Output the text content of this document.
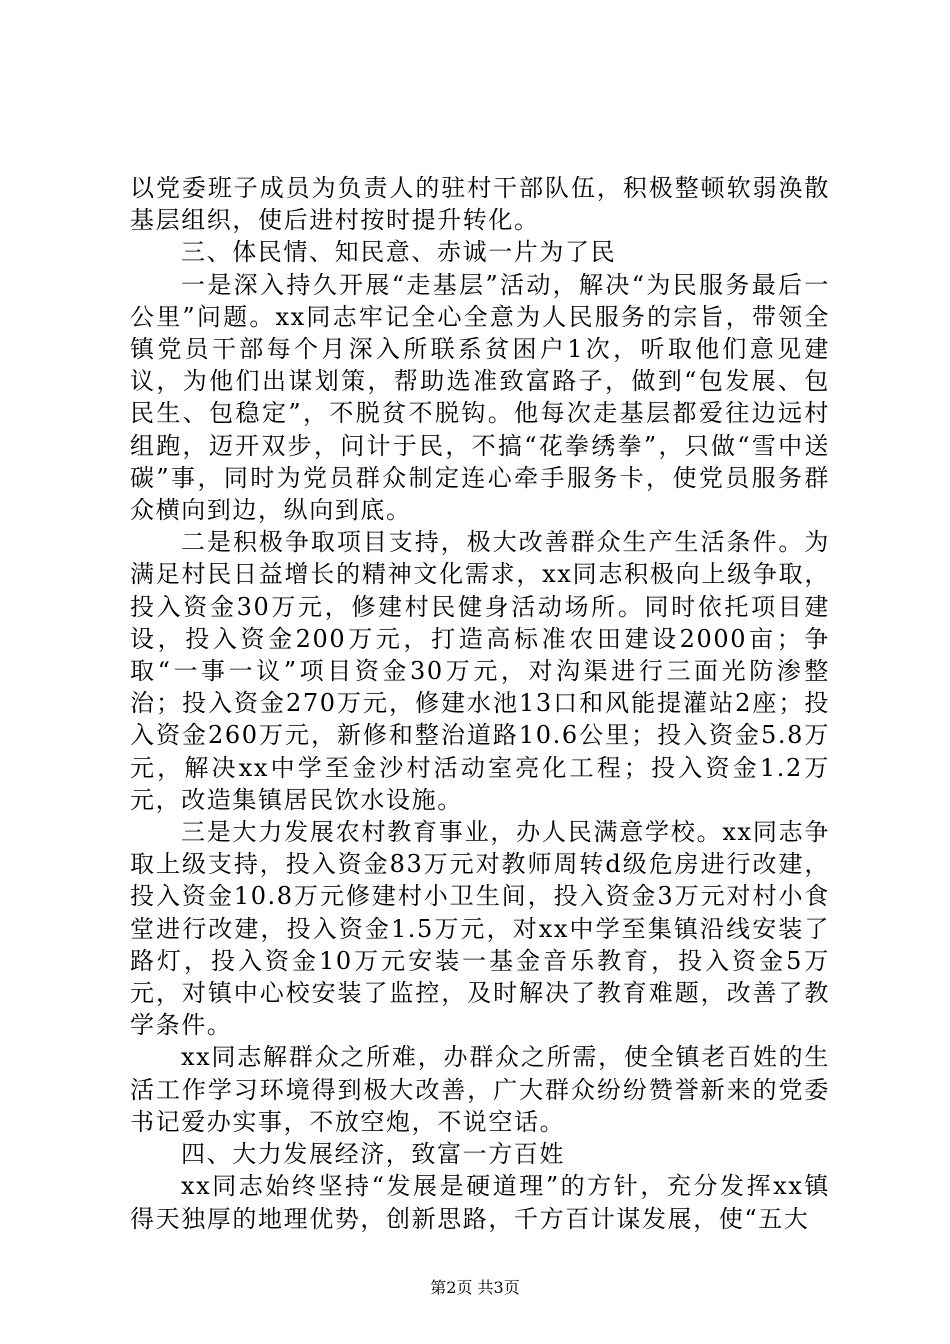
以党委班子成员为负责人的驻村干部队伍，积极整顿软弱涣散基层组织，使后进村按时提升转化。

三、体民情、知民意、赤诚一片为了民

一是深入持久开展“走基层”活动，解决“为民服务最后一公里”问题。xx同志牢记全心全意为人民服务的宗旨，带领全镇党员干部每个月深入所联系贫困户1次，听取他们意见建议，为他们出谋划策，帮助选准致富路子，做到“包发展、包民生、包稳定”，不脱贫不脱钩。他每次走基层都爱往边远村组跑，迈开双步，问计于民，不搞“花拳绣拳”，只做“雪中送碳”事，同时为党员群众制定连心牵手服务卡，使党员服务群众横向到边，纵向到底。

二是积极争取项目支持，极大改善群众生产生活条件。为满足村民日益增长的精神文化需求，xx同志积极向上级争取，投入资金30万元，修建村民健身活动场所。同时依托项目建设，投入资金200万元，打造高标准农田建设2000亩；争取“一事一议”项目资金30万元，对沟渠进行三面光防渗整治；投入资金270万元，修建水池13口和风能提灌站2座；投入资金260万元，新修和整治道路10.6公里；投入资金5.8万元，解决xx中学至金沙村活动室亮化工程；投入资金1.2万元，改造集镇居民饮水设施。

三是大力发展农村教育事业，办人民满意学校。xx同志争取上级支持，投入资金83万元对教师周转d级危房进行改建，投入资金10.8万元修建村小卫生间，投入资金3万元对村小食堂进行改建，投入资金1.5万元，对xx中学至集镇沿线安装了路灯，投入资金10万元安装一基金音乐教育，投入资金5万元，对镇中心校安装了监控，及时解决了教育难题，改善了教学条件。

xx同志解群众之所难，办群众之所需，使全镇老百姓的生活工作学习环境得到极大改善，广大群众纷纷赞誉新来的党委书记爱办实事，不放空炮，不说空话。

四、大力发展经济，致富一方百姓

xx同志始终坚持“发展是硬道理”的方针，充分发挥xx镇得天独厚的地理优势，创新思路，千方百计谋发展，使“五大

第2页 共3页
